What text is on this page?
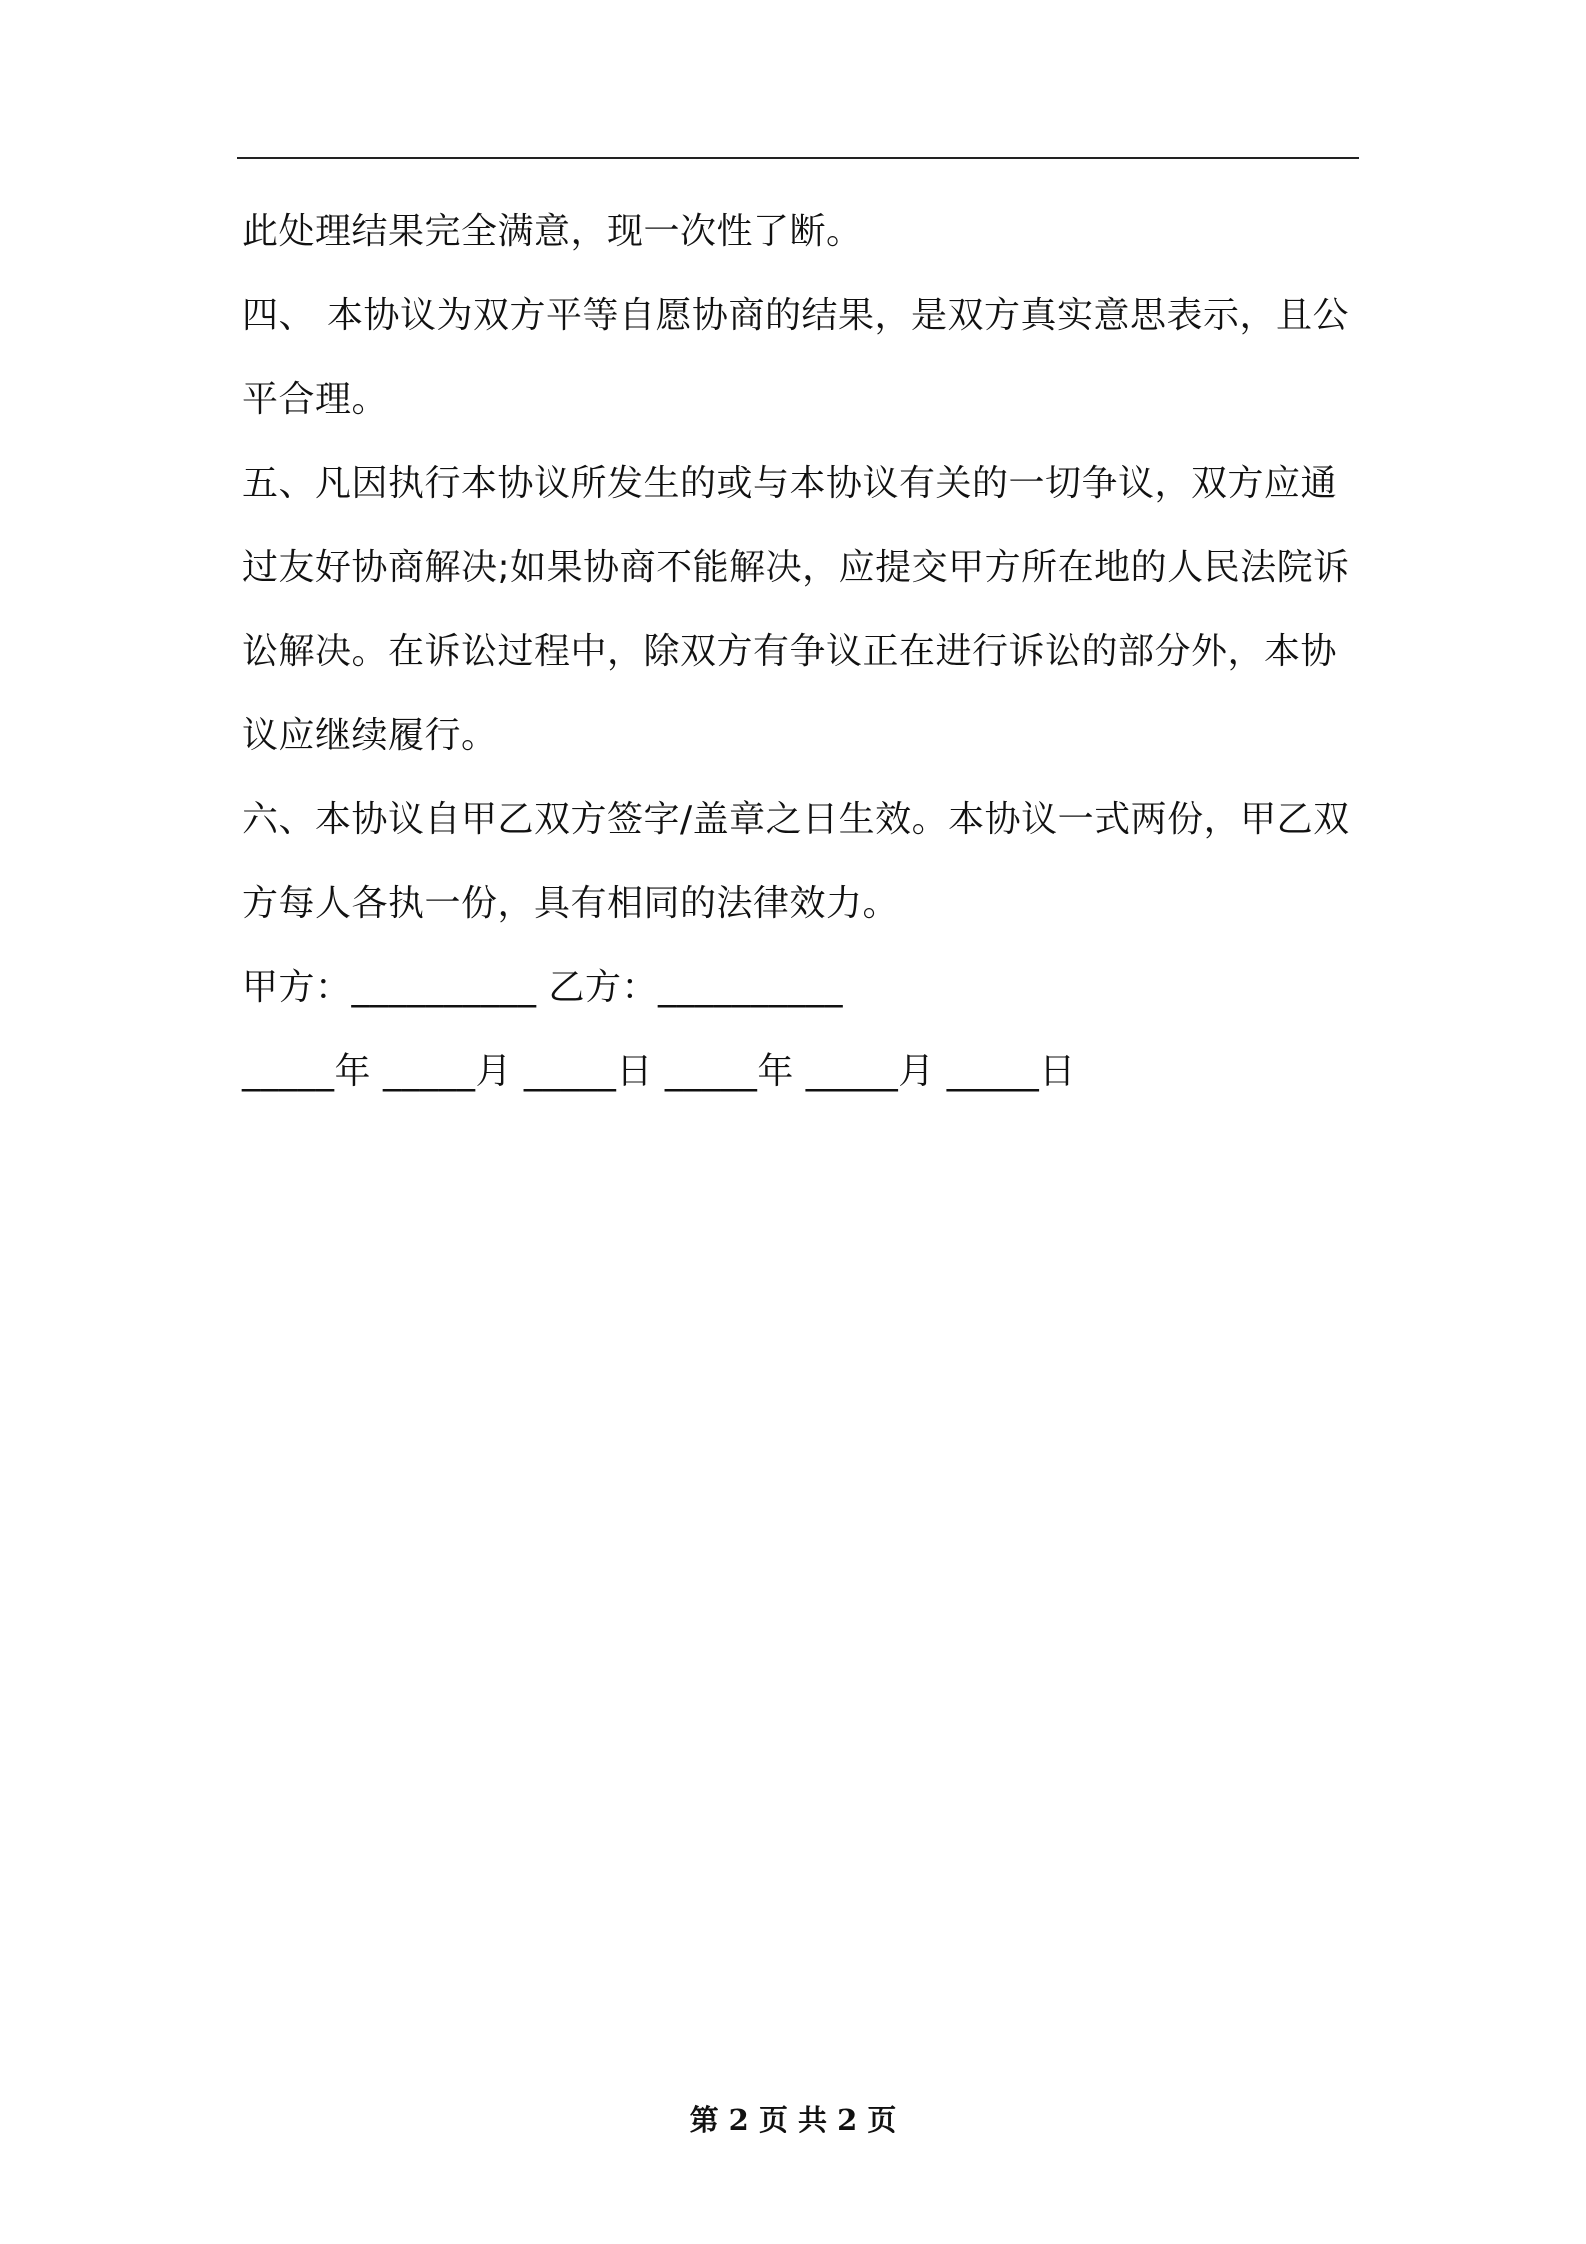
此处理结果完全满意，现一次性了断。

四、 本协议为双方平等自愿协商的结果，是双方真实意思表示，且公平合理。

五、凡因执行本协议所发生的或与本协议有关的一切争议，双方应通过友好协商解决;如果协商不能解决，应提交甲方所在地的人民法院诉讼解决。在诉讼过程中，除双方有争议正在进行诉讼的部分外，本协议应继续履行。

六、本协议自甲乙双方签字/盖章之日生效。本协议一式两份，甲乙双方每人各执一份，具有相同的法律效力。

甲方：__________ 乙方：__________

_____年 _____月 _____日 _____年 _____月 _____日

第 2 页 共 2 页
